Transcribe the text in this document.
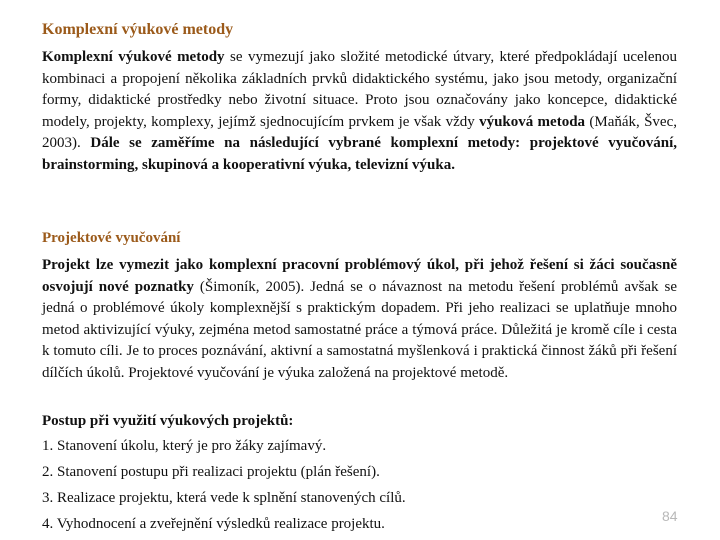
Komplexní výukové metody

Komplexní výukové metody se vymezují jako složité metodické útvary, které předpokládají ucelenou kombinaci a propojení několika základních prvků didaktického systému, jako jsou metody, organizační formy, didaktické prostředky nebo životní situace. Proto jsou označovány jako koncepce, didaktické modely, projekty, komplexy, jejímž sjednocujícím prvkem je však vždy výuková metoda (Maňák, Švec, 2003). Dále se zaměříme na následující vybrané komplexní metody: projektové vyučování, brainstorming, skupinová a kooperativní výuka, televizní výuka.

Projektové vyučování

Projekt lze vymezit jako komplexní pracovní problémový úkol, při jehož řešení si žáci současně osvojují nové poznatky (Šimoník, 2005). Jedná se o návaznost na metodu řešení problémů avšak se jedná o problémové úkoly komplexnější s praktickým dopadem. Při jeho realizaci se uplatňuje mnoho metod aktivizující výuky, zejména metod samostatné práce a týmová práce. Důležitá je kromě cíle i cesta k tomuto cíli. Je to proces poznávání, aktivní a samostatná myšlenková i praktická činnost žáků při řešení dílčích úkolů. Projektové vyučování je výuka založená na projektové metodě.

Postup při využití výukových projektů:
1. Stanovení úkolu, který je pro žáky zajímavý.
2. Stanovení postupu při realizaci projektu (plán řešení).
3. Realizace projektu, která vede k splnění stanovených cílů.
4. Vyhodnocení a zveřejnění výsledků realizace projektu.	84
